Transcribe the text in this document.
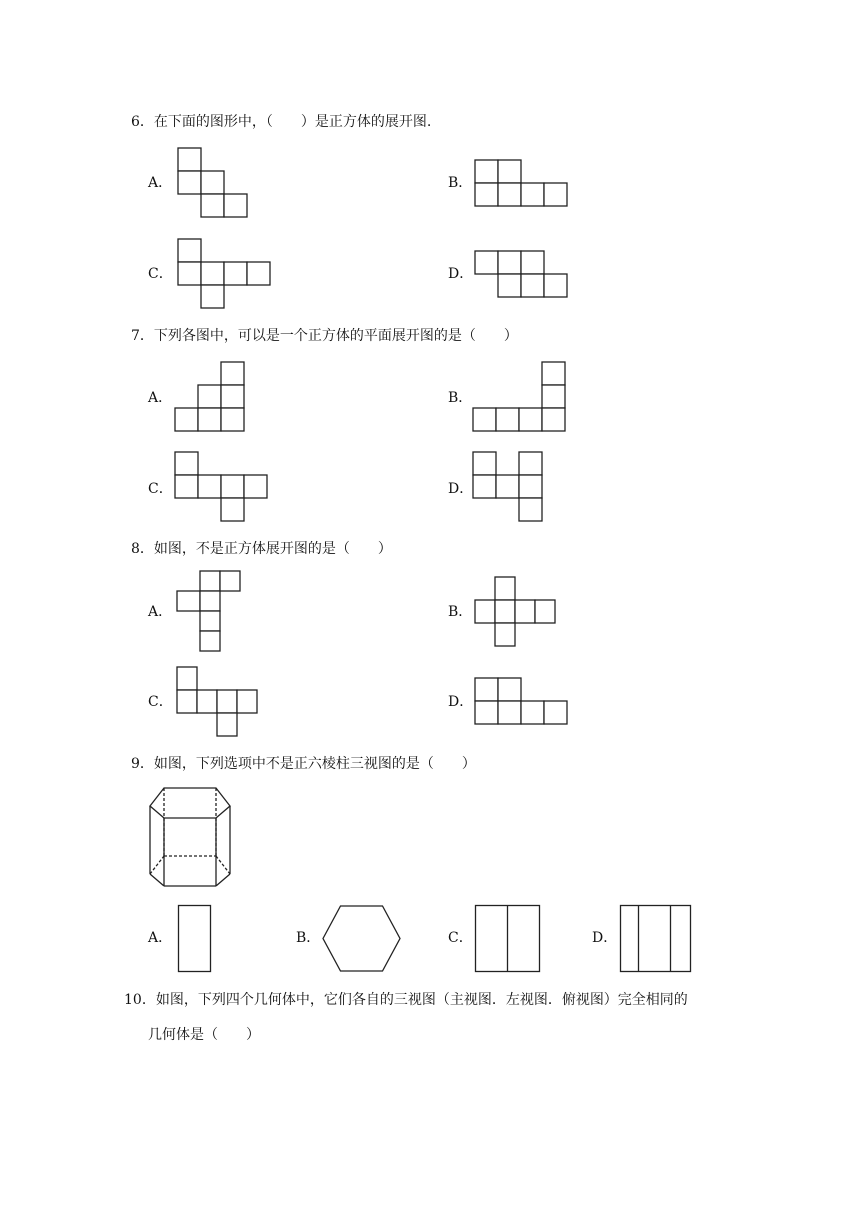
6．在下面的图形中，（　　）是正方体的展开图.
A．	B．
C．	D．
7．下列各图中，可以是一个正方体的平面展开图的是（　　）
A．	B．
C．	D．
8．如图，不是正方体展开图的是（　　）
A．	B．
C．	D．
9．如图，下列选项中不是正六棱柱三视图的是（　　）
A．	B．	C．	D．
10．如图，下列四个几何体中，它们各自的三视图（主视图．左视图．俯视图）完全相同的
几何体是（　　）
